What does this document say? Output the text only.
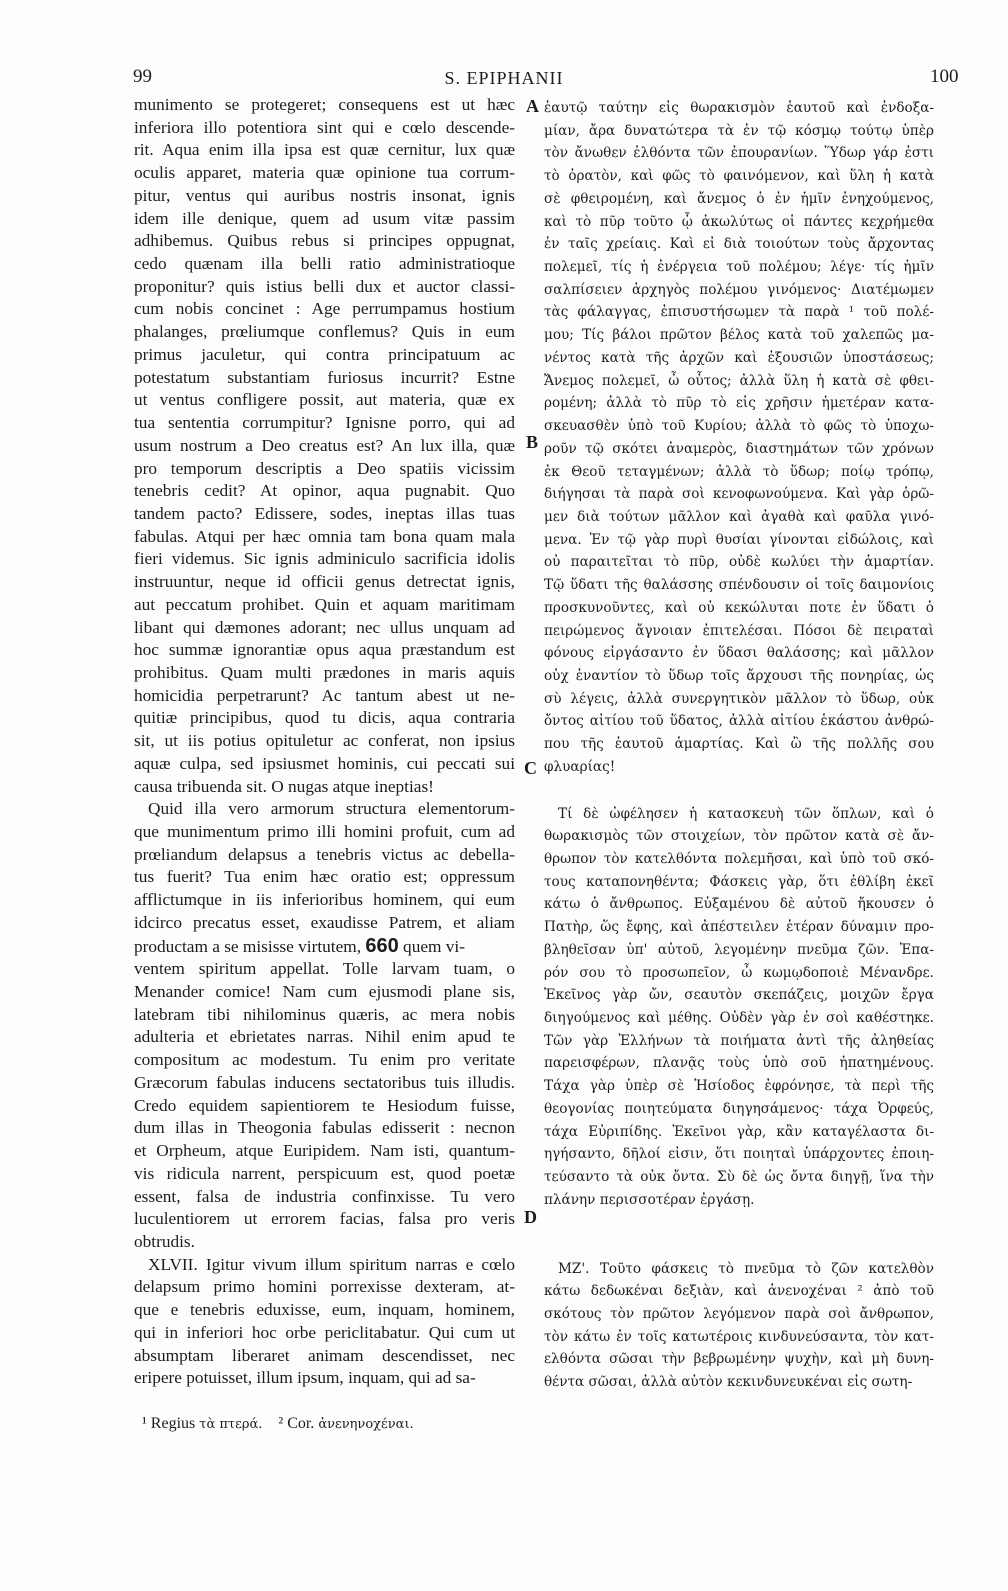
99	S. EPIPHANII	100
A
B
C
D
munimento se protegeret; consequens est ut hæc
inferiora illo potentiora sint qui e cœlo descende-
rit. Aqua enim illa ipsa est quæ cernitur, lux quæ
oculis apparet, materia quæ opinione tua corrum-
pitur, ventus qui auribus nostris insonat, ignis
idem ille denique, quem ad usum vitæ passim
adhibemus. Quibus rebus si principes oppugnat,
cedo quænam illa belli ratio administratioque
proponitur? quis istius belli dux et auctor classi-
cum nobis concinet : Age perrumpamus hostium
phalanges, prœliumque conflemus? Quis in eum
primus jaculetur, qui contra principatuum ac
potestatum substantiam furiosus incurrit? Estne
ut ventus confligere possit, aut materia, quæ ex
tua sententia corrumpitur? Ignisne porro, qui ad
usum nostrum a Deo creatus est? An lux illa, quæ
pro temporum descriptis a Deo spatiis vicissim
tenebris cedit? At opinor, aqua pugnabit. Quo
tandem pacto? Edissere, sodes, ineptas illas tuas
fabulas. Atqui per hæc omnia tam bona quam mala
fieri videmus. Sic ignis adminiculo sacrificia idolis
instruuntur, neque id officii genus detrectat ignis,
aut peccatum prohibet. Quin et aquam maritimam
libant qui dæmones adorant; nec ullus unquam ad
hoc summæ ignorantiæ opus aqua præstandum est
prohibitus. Quam multi prædones in maris aquis
homicidia perpetrarunt? Ac tantum abest ut ne-
quitiæ principibus, quod tu dicis, aqua contraria
sit, ut iis potius opituletur ac conferat, non ipsius
aquæ culpa, sed ipsiusmet hominis, cui peccati sui
causa tribuenda sit. O nugas atque ineptias!
Quid illa vero armorum structura elementorum-
que munimentum primo illi homini profuit, cum ad
prœliandum delapsus a tenebris victus ac debella-
tus fuerit? Tua enim hæc oratio est; oppressum
afflictumque in iis inferioribus hominem, qui eum
idcirco precatus esset, exaudisse Patrem, et aliam
productam a se misisse virtutem, 660 quem vi-
ventem spiritum appellat. Tolle larvam tuam, o
Menander comice! Nam cum ejusmodi plane sis,
latebram tibi nihilominus quæris, ac mera nobis
adulteria et ebrietates narras. Nihil enim apud te
compositum ac modestum. Tu enim pro veritate
Græcorum fabulas inducens sectatoribus tuis illudis.
Credo equidem sapientiorem te Hesiodum fuisse,
dum illas in Theogonia fabulas edisserit : necnon
et Orpheum, atque Euripidem. Nam isti, quantum-
vis ridicula narrent, perspicuum est, quod poetæ
essent, falsa de industria confinxisse. Tu vero
luculentiorem ut errorem facias, falsa pro veris
obtrudis.
XLVII. Igitur vivum illum spiritum narras e cœlo
delapsum primo homini porrexisse dexteram, at-
que e tenebris eduxisse, eum, inquam, hominem,
qui in inferiori hoc orbe periclitabatur. Qui cum ut
absumptam liberaret animam descendisset, nec
eripere potuisset, illum ipsum, inquam, qui ad sa-
ἑαυτῷ ταύτην εἰς θωρακισμὸν ἑαυτοῦ καὶ ἐνδοξα-
μίαν, ἄρα δυνατώτερα τὰ ἐν τῷ κόσμῳ τούτῳ ὑπὲρ
τὸν ἄνωθεν ἐλθόντα τῶν ἐπουρανίων. Ὕδωρ γάρ ἐστι
τὸ ὁρατὸν, καὶ φῶς τὸ φαινόμενον, καὶ ὕλη ἡ κατὰ
σὲ φθειρομένη, καὶ ἄνεμος ὁ ἐν ἡμῖν ἐνηχούμενος,
καὶ τὸ πῦρ τοῦτο ᾧ ἀκωλύτως οἱ πάντες κεχρήμεθα
ἐν ταῖς χρείαις. Καὶ εἰ διὰ τοιούτων τοὺς ἄρχοντας
πολεμεῖ, τίς ἡ ἐνέργεια τοῦ πολέμου; λέγε· τίς ἡμῖν
σαλπίσειεν ἀρχηγὸς πολέμου γινόμενος· Διατέμωμεν
τὰς φάλαγγας, ἐπισυστήσωμεν τὰ παρὰ ¹ τοῦ πολέ-
μου; Τίς βάλοι πρῶτον βέλος κατὰ τοῦ χαλεπῶς μα-
νέντος κατὰ τῆς ἀρχῶν καὶ ἐξουσιῶν ὑποστάσεως;
Ἄνεμος πολεμεῖ, ὦ οὗτος; ἀλλὰ ὕλη ἡ κατὰ σὲ φθει-
ρομένη; ἀλλὰ τὸ πῦρ τὸ εἰς χρῆσιν ἡμετέραν κατα-
σκευασθὲν ὑπὸ τοῦ Κυρίου; ἀλλὰ τὸ φῶς τὸ ὑποχω-
ροῦν τῷ σκότει ἀναμερὸς, διαστημάτων τῶν χρόνων
ἐκ Θεοῦ τεταγμένων; ἀλλὰ τὸ ὕδωρ; ποίῳ τρόπῳ,
διήγησαι τὰ παρὰ σοὶ κενοφωνούμενα. Καὶ γὰρ ὁρῶ-
μεν διὰ τούτων μᾶλλον καὶ ἀγαθὰ καὶ φαῦλα γινό-
μενα. Ἐν τῷ γὰρ πυρὶ θυσίαι γίνονται εἰδώλοις, καὶ
οὐ παραιτεῖται τὸ πῦρ, οὐδὲ κωλύει τὴν ἁμαρτίαν.
Τῷ ὕδατι τῆς θαλάσσης σπένδουσιν οἱ τοῖς δαιμονίοις
προσκυνοῦντες, καὶ οὐ κεκώλυται ποτε ἐν ὕδατι ὁ
πειρώμενος ἄγνοιαν ἐπιτελέσαι. Πόσοι δὲ πειραταὶ
φόνους εἰργάσαντο ἐν ὕδασι θαλάσσης; καὶ μᾶλλον
οὐχ ἐναντίον τὸ ὕδωρ τοῖς ἄρχουσι τῆς πονηρίας, ὡς
σὺ λέγεις, ἀλλὰ συνεργητικὸν μᾶλλον τὸ ὕδωρ, οὐκ
ὄντος αἰτίου τοῦ ὕδατος, ἀλλὰ αἰτίου ἑκάστου ἀνθρώ-
που τῆς ἑαυτοῦ ἁμαρτίας. Καὶ ὢ τῆς πολλῆς σου
φλυαρίας!
Τί δὲ ὠφέλησεν ἡ κατασκευὴ τῶν ὅπλων, καὶ ὁ
θωρακισμὸς τῶν στοιχείων, τὸν πρῶτον κατὰ σὲ ἄν-
θρωπον τὸν κατελθόντα πολεμῆσαι, καὶ ὑπὸ τοῦ σκό-
τους καταπονηθέντα; Φάσκεις γὰρ, ὅτι ἐθλίβη ἐκεῖ
κάτω ὁ ἄνθρωπος. Εὐξαμένου δὲ αὐτοῦ ἤκουσεν ὁ
Πατὴρ, ὥς ἔφης, καὶ ἀπέστειλεν ἑτέραν δύναμιν προ-
βληθεῖσαν ὑπ' αὐτοῦ, λεγομένην πνεῦμα ζῶν. Ἐπα-
ρόν σου τὸ προσωπεῖον, ὦ κωμῳδοποιὲ Μένανδρε.
Ἐκεῖνος γὰρ ὤν, σεαυτὸν σκεπάζεις, μοιχῶν ἔργα
διηγούμενος καὶ μέθης. Οὐδὲν γὰρ ἐν σοὶ καθέστηκε.
Τῶν γὰρ Ἑλλήνων τὰ ποιήματα ἀντὶ τῆς ἀληθείας
παρεισφέρων, πλανᾷς τοὺς ὑπὸ σοῦ ἠπατημένους.
Τάχα γὰρ ὑπὲρ σὲ Ἡσίοδος ἐφρόνησε, τὰ περὶ τῆς
θεογονίας ποιητεύματα διηγησάμενος· τάχα Ὀρφεύς,
τάχα Εὐριπίδης. Ἐκεῖνοι γὰρ, κἂν καταγέλαστα δι-
ηγήσαντο, δῆλοί εἰσιν, ὅτι ποιηταὶ ὑπάρχοντες ἐποιη-
τεύσαντο τὰ οὐκ ὄντα. Σὺ δὲ ὡς ὄντα διηγῇ, ἵνα τὴν
πλάνην περισσοτέραν ἐργάσῃ.
ΜΖ'. Τοῦτο φάσκεις τὸ πνεῦμα τὸ ζῶν κατελθὸν
κάτω δεδωκέναι δεξιὰν, καὶ ἀνενοχέναι ² ἀπὸ τοῦ
σκότους τὸν πρῶτον λεγόμενον παρὰ σοὶ ἄνθρωπον,
τὸν κάτω ἐν τοῖς κατωτέροις κινδυνεύσαντα, τὸν κατ-
ελθόντα σῶσαι τὴν βεβρωμένην ψυχὴν, καὶ μὴ δυνη-
θέντα σῶσαι, ἀλλὰ αὐτὸν κεκινδυνευκέναι εἰς σωτη-
¹ Regius τὰ πτερά. ² Cor. ἀνενηνοχέναι.
